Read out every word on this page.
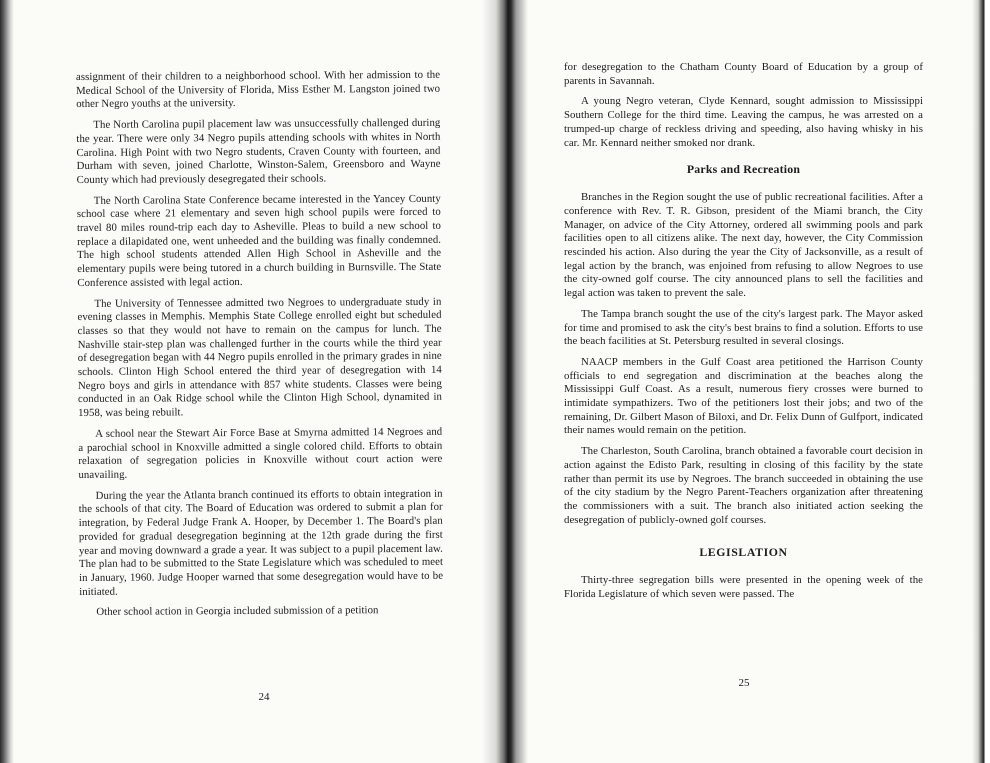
assignment of their children to a neighborhood school. With her admission to the Medical School of the University of Florida, Miss Esther M. Langston joined two other Negro youths at the university.

The North Carolina pupil placement law was unsuccessfully challenged during the year. There were only 34 Negro pupils attending schools with whites in North Carolina. High Point with two Negro students, Craven County with fourteen, and Durham with seven, joined Charlotte, Winston-Salem, Greensboro and Wayne County which had previously desegregated their schools.

The North Carolina State Conference became interested in the Yancey County school case where 21 elementary and seven high school pupils were forced to travel 80 miles round-trip each day to Asheville. Pleas to build a new school to replace a dilapidated one, went unheeded and the building was finally condemned. The high school students attended Allen High School in Asheville and the elementary pupils were being tutored in a church building in Burnsville. The State Conference assisted with legal action.

The University of Tennessee admitted two Negroes to undergraduate study in evening classes in Memphis. Memphis State College enrolled eight but scheduled classes so that they would not have to remain on the campus for lunch. The Nashville stair-step plan was challenged further in the courts while the third year of desegregation began with 44 Negro pupils enrolled in the primary grades in nine schools. Clinton High School entered the third year of desegregation with 14 Negro boys and girls in attendance with 857 white students. Classes were being conducted in an Oak Ridge school while the Clinton High School, dynamited in 1958, was being rebuilt.

A school near the Stewart Air Force Base at Smyrna admitted 14 Negroes and a parochial school in Knoxville admitted a single colored child. Efforts to obtain relaxation of segregation policies in Knoxville without court action were unavailing.

During the year the Atlanta branch continued its efforts to obtain integration in the schools of that city. The Board of Education was ordered to submit a plan for integration, by Federal Judge Frank A. Hooper, by December 1. The Board's plan provided for gradual desegregation beginning at the 12th grade during the first year and moving downward a grade a year. It was subject to a pupil placement law. The plan had to be submitted to the State Legislature which was scheduled to meet in January, 1960. Judge Hooper warned that some desegregation would have to be initiated.

Other school action in Georgia included submission of a petition

24

for desegregation to the Chatham County Board of Education by a group of parents in Savannah.

A young Negro veteran, Clyde Kennard, sought admission to Mississippi Southern College for the third time. Leaving the campus, he was arrested on a trumped-up charge of reckless driving and speeding, also having whisky in his car. Mr. Kennard neither smoked nor drank.

Parks and Recreation

Branches in the Region sought the use of public recreational facilities. After a conference with Rev. T. R. Gibson, president of the Miami branch, the City Manager, on advice of the City Attorney, ordered all swimming pools and park facilities open to all citizens alike. The next day, however, the City Commission rescinded his action. Also during the year the City of Jacksonville, as a result of legal action by the branch, was enjoined from refusing to allow Negroes to use the city-owned golf course. The city announced plans to sell the facilities and legal action was taken to prevent the sale.

The Tampa branch sought the use of the city's largest park. The Mayor asked for time and promised to ask the city's best brains to find a solution. Efforts to use the beach facilities at St. Petersburg resulted in several closings.

NAACP members in the Gulf Coast area petitioned the Harrison County officials to end segregation and discrimination at the beaches along the Mississippi Gulf Coast. As a result, numerous fiery crosses were burned to intimidate sympathizers. Two of the petitioners lost their jobs; and two of the remaining, Dr. Gilbert Mason of Biloxi, and Dr. Felix Dunn of Gulfport, indicated their names would remain on the petition.

The Charleston, South Carolina, branch obtained a favorable court decision in action against the Edisto Park, resulting in closing of this facility by the state rather than permit its use by Negroes. The branch succeeded in obtaining the use of the city stadium by the Negro Parent-Teachers organization after threatening the commissioners with a suit. The branch also initiated action seeking the desegregation of publicly-owned golf courses.

LEGISLATION

Thirty-three segregation bills were presented in the opening week of the Florida Legislature of which seven were passed. The

25
